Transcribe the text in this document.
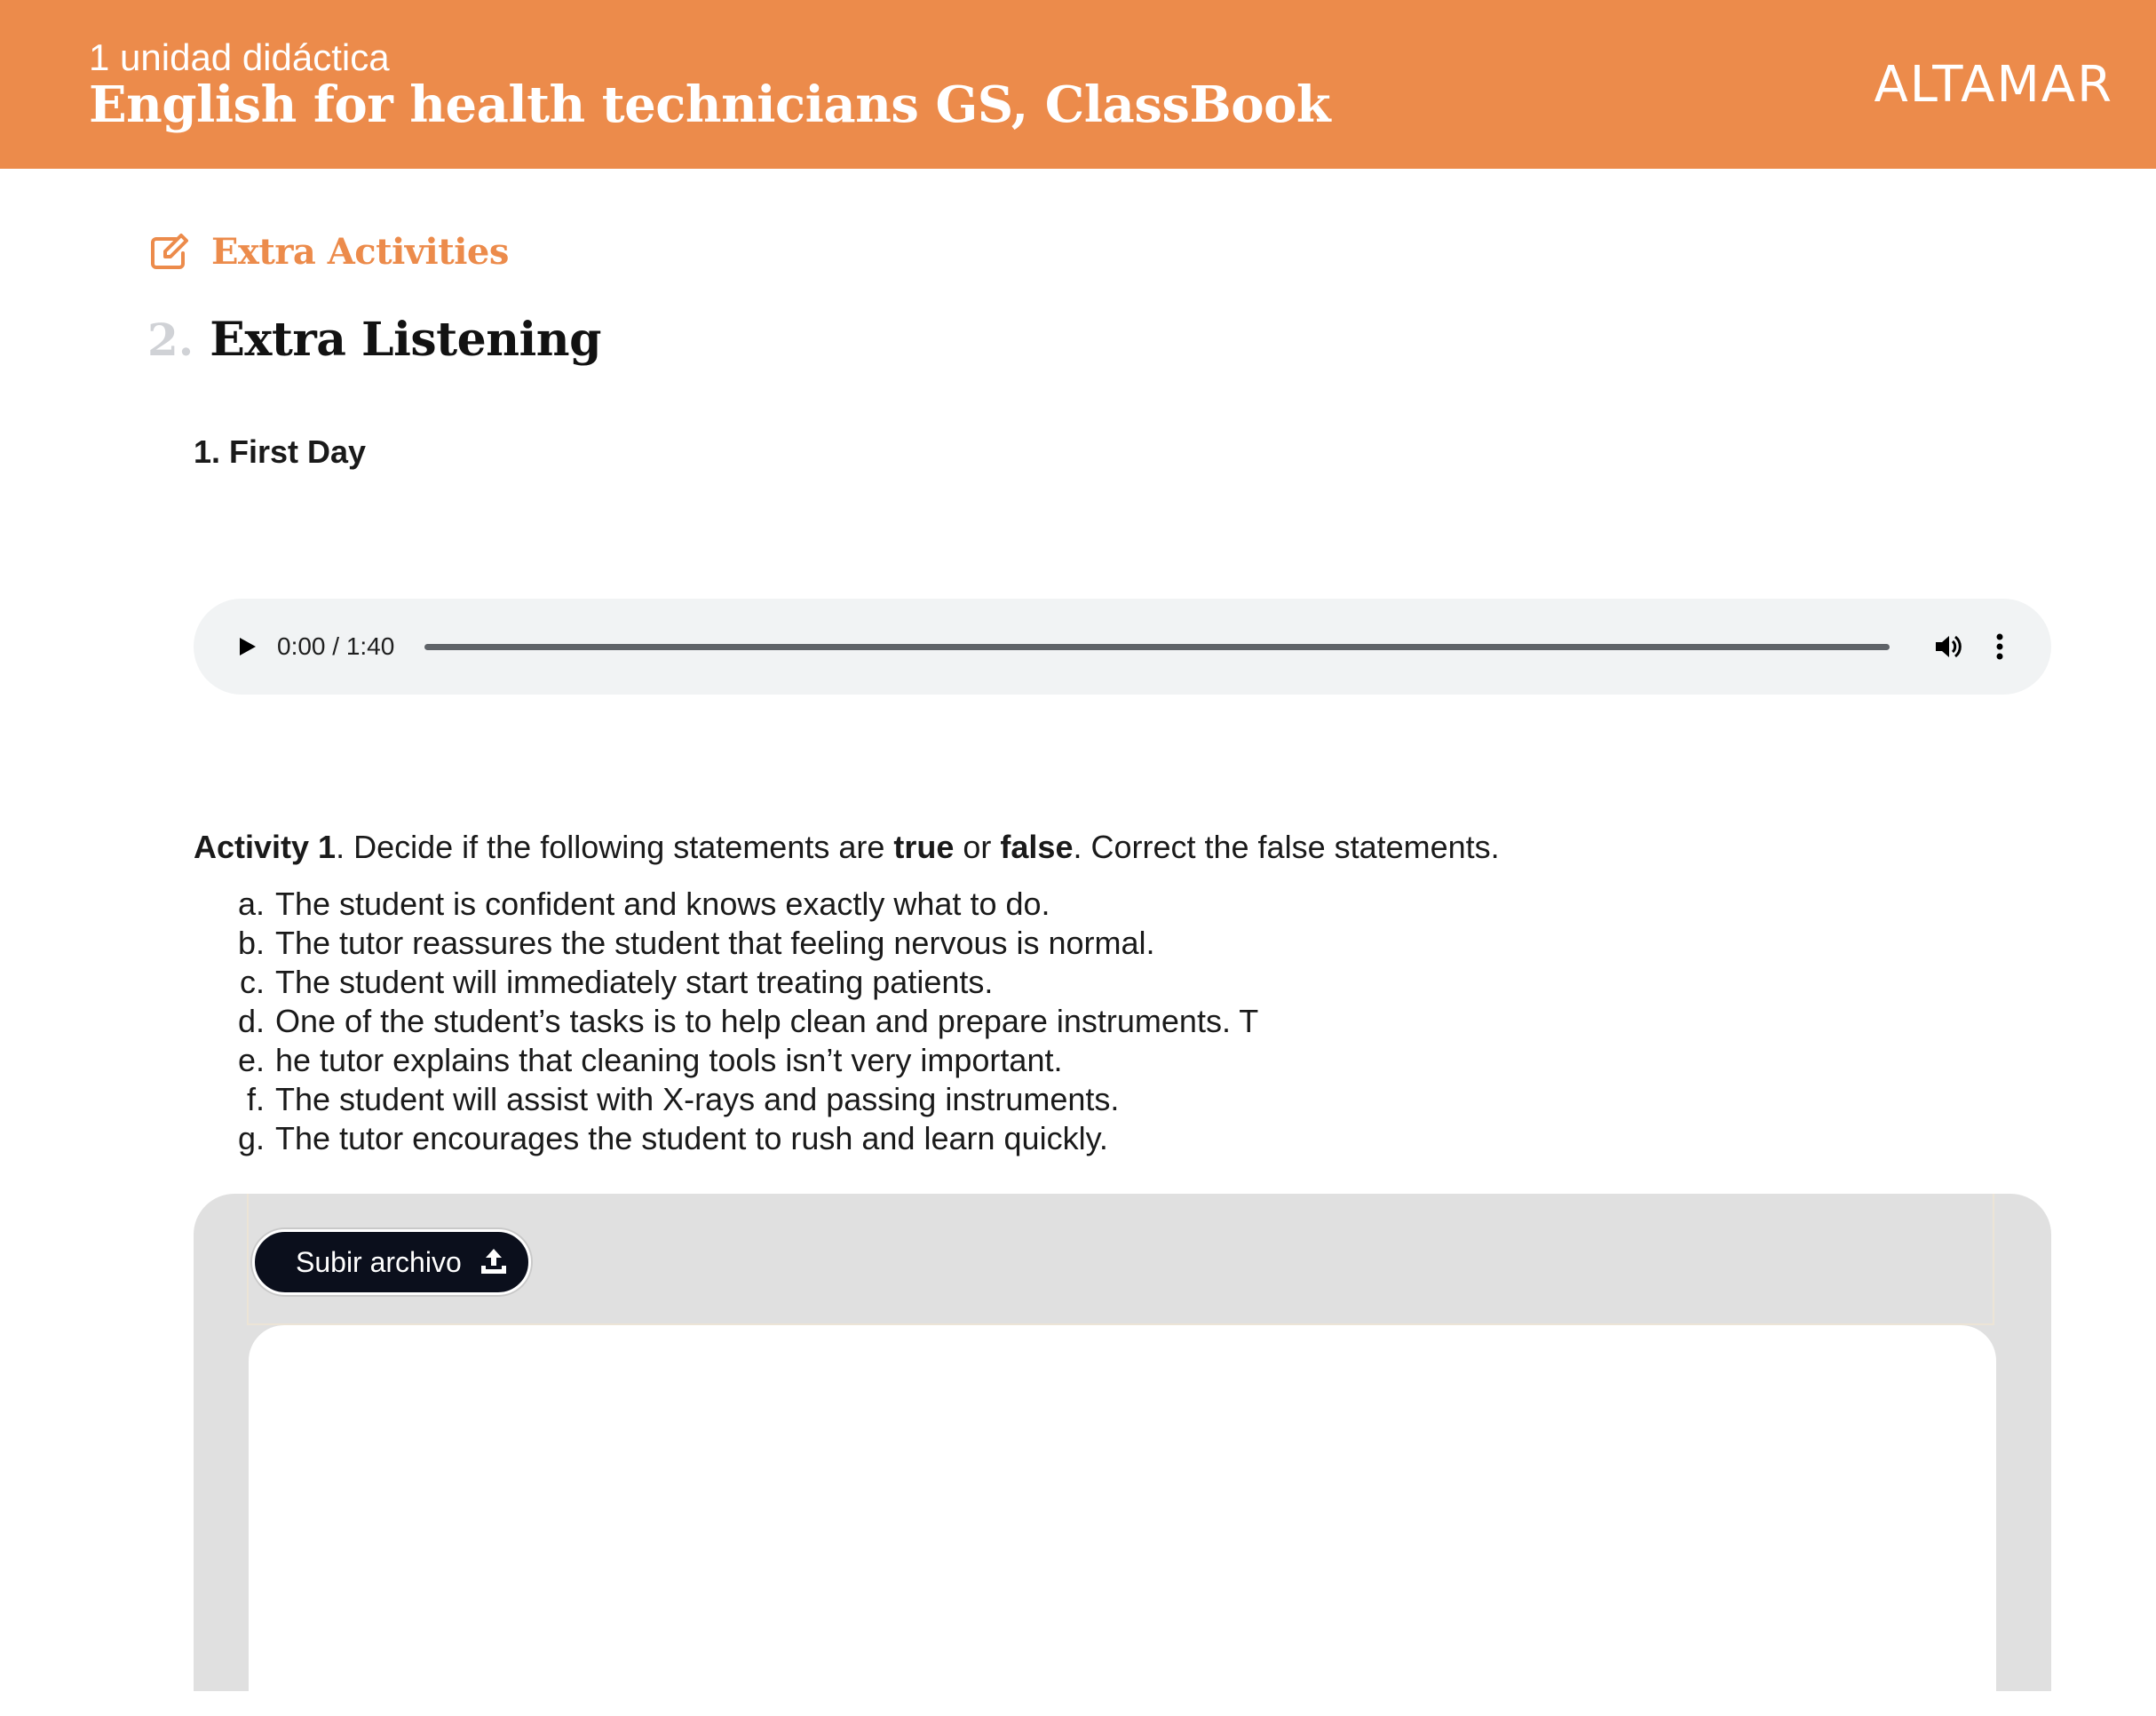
1 unidad didáctica
English for health technicians GS, ClassBook	ALTAMAR
Extra Activities
2. Extra Listening
1. First Day
0:00 / 1:40
Activity 1. Decide if the following statements are true or false. Correct the false statements.
a. The student is confident and knows exactly what to do.
b. The tutor reassures the student that feeling nervous is normal.
c. The student will immediately start treating patients.
d. One of the student’s tasks is to help clean and prepare instruments. T
e. he tutor explains that cleaning tools isn’t very important.
f. The student will assist with X-rays and passing instruments.
g. The tutor encourages the student to rush and learn quickly.
Subir archivo
